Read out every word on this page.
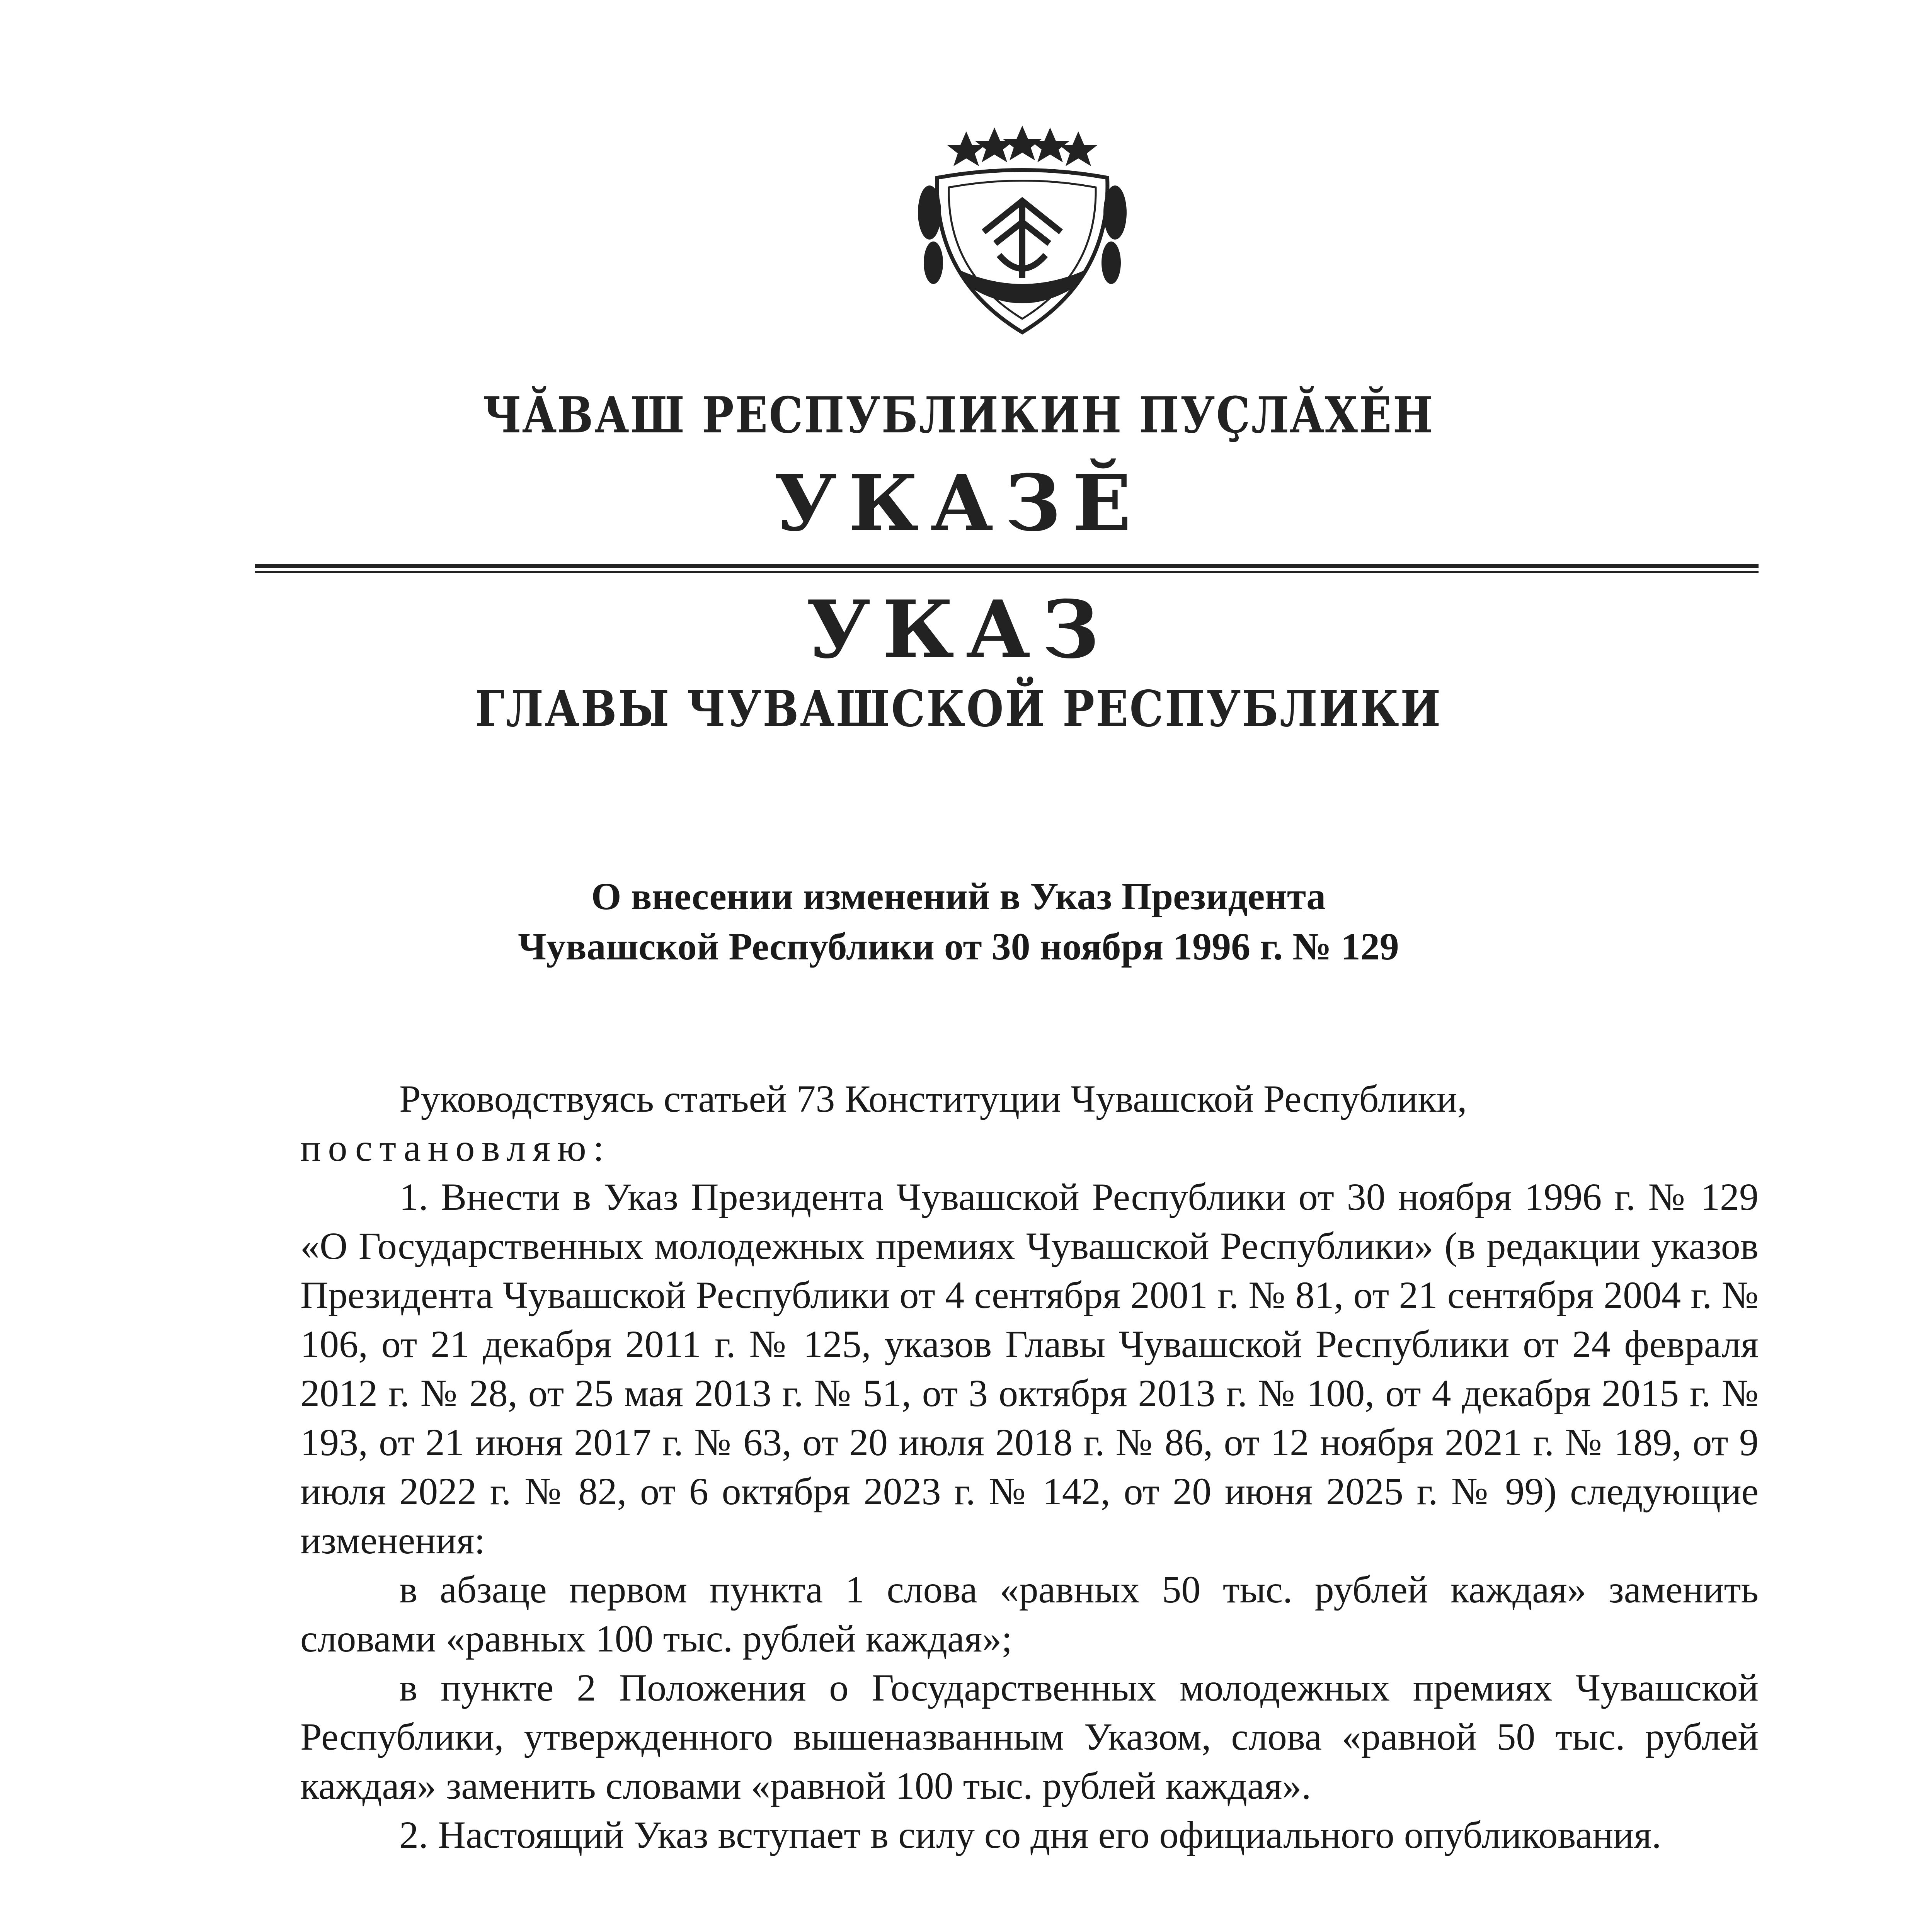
ЧĂВАШ РЕСПУБЛИКИН ПУÇЛĂХĔН
УКАЗĔ
УКАЗ
ГЛАВЫ ЧУВАШСКОЙ РЕСПУБЛИКИ
О внесении изменений в Указ Президента
Чувашской Республики от 30 ноября 1996 г. № 129

Руководствуясь статьей 73 Конституции Чувашской Республики,

постановляю:

1. Внести в Указ Президента Чувашской Республики от 30 ноября 1996 г. № 129 «О Государственных молодежных премиях Чувашской Республики» (в редакции указов Президента Чувашской Республики от 4 сентября 2001 г. № 81, от 21 сентября 2004 г. № 106, от 21 декабря 2011 г. № 125, указов Главы Чувашской Республики от 24 февраля 2012 г. № 28, от 25 мая 2013 г. № 51, от 3 октября 2013 г. № 100, от 4 декабря 2015 г. № 193, от 21 июня 2017 г. № 63, от 20 июля 2018 г. № 86, от 12 ноября 2021 г. № 189, от 9 июля 2022 г. № 82, от 6 октября 2023 г. № 142, от 20 июня 2025 г. № 99) следующие изменения:

в абзаце первом пункта 1 слова «равных 50 тыс. рублей каждая» заменить словами «равных 100 тыс. рублей каждая»;

в пункте 2 Положения о Государственных молодежных премиях Чувашской Республики, утвержденного вышеназванным Указом, слова «равной 50 тыс. рублей каждая» заменить словами «равной 100 тыс. рублей каждая».

2. Настоящий Указ вступает в силу со дня его официального опубликования.
